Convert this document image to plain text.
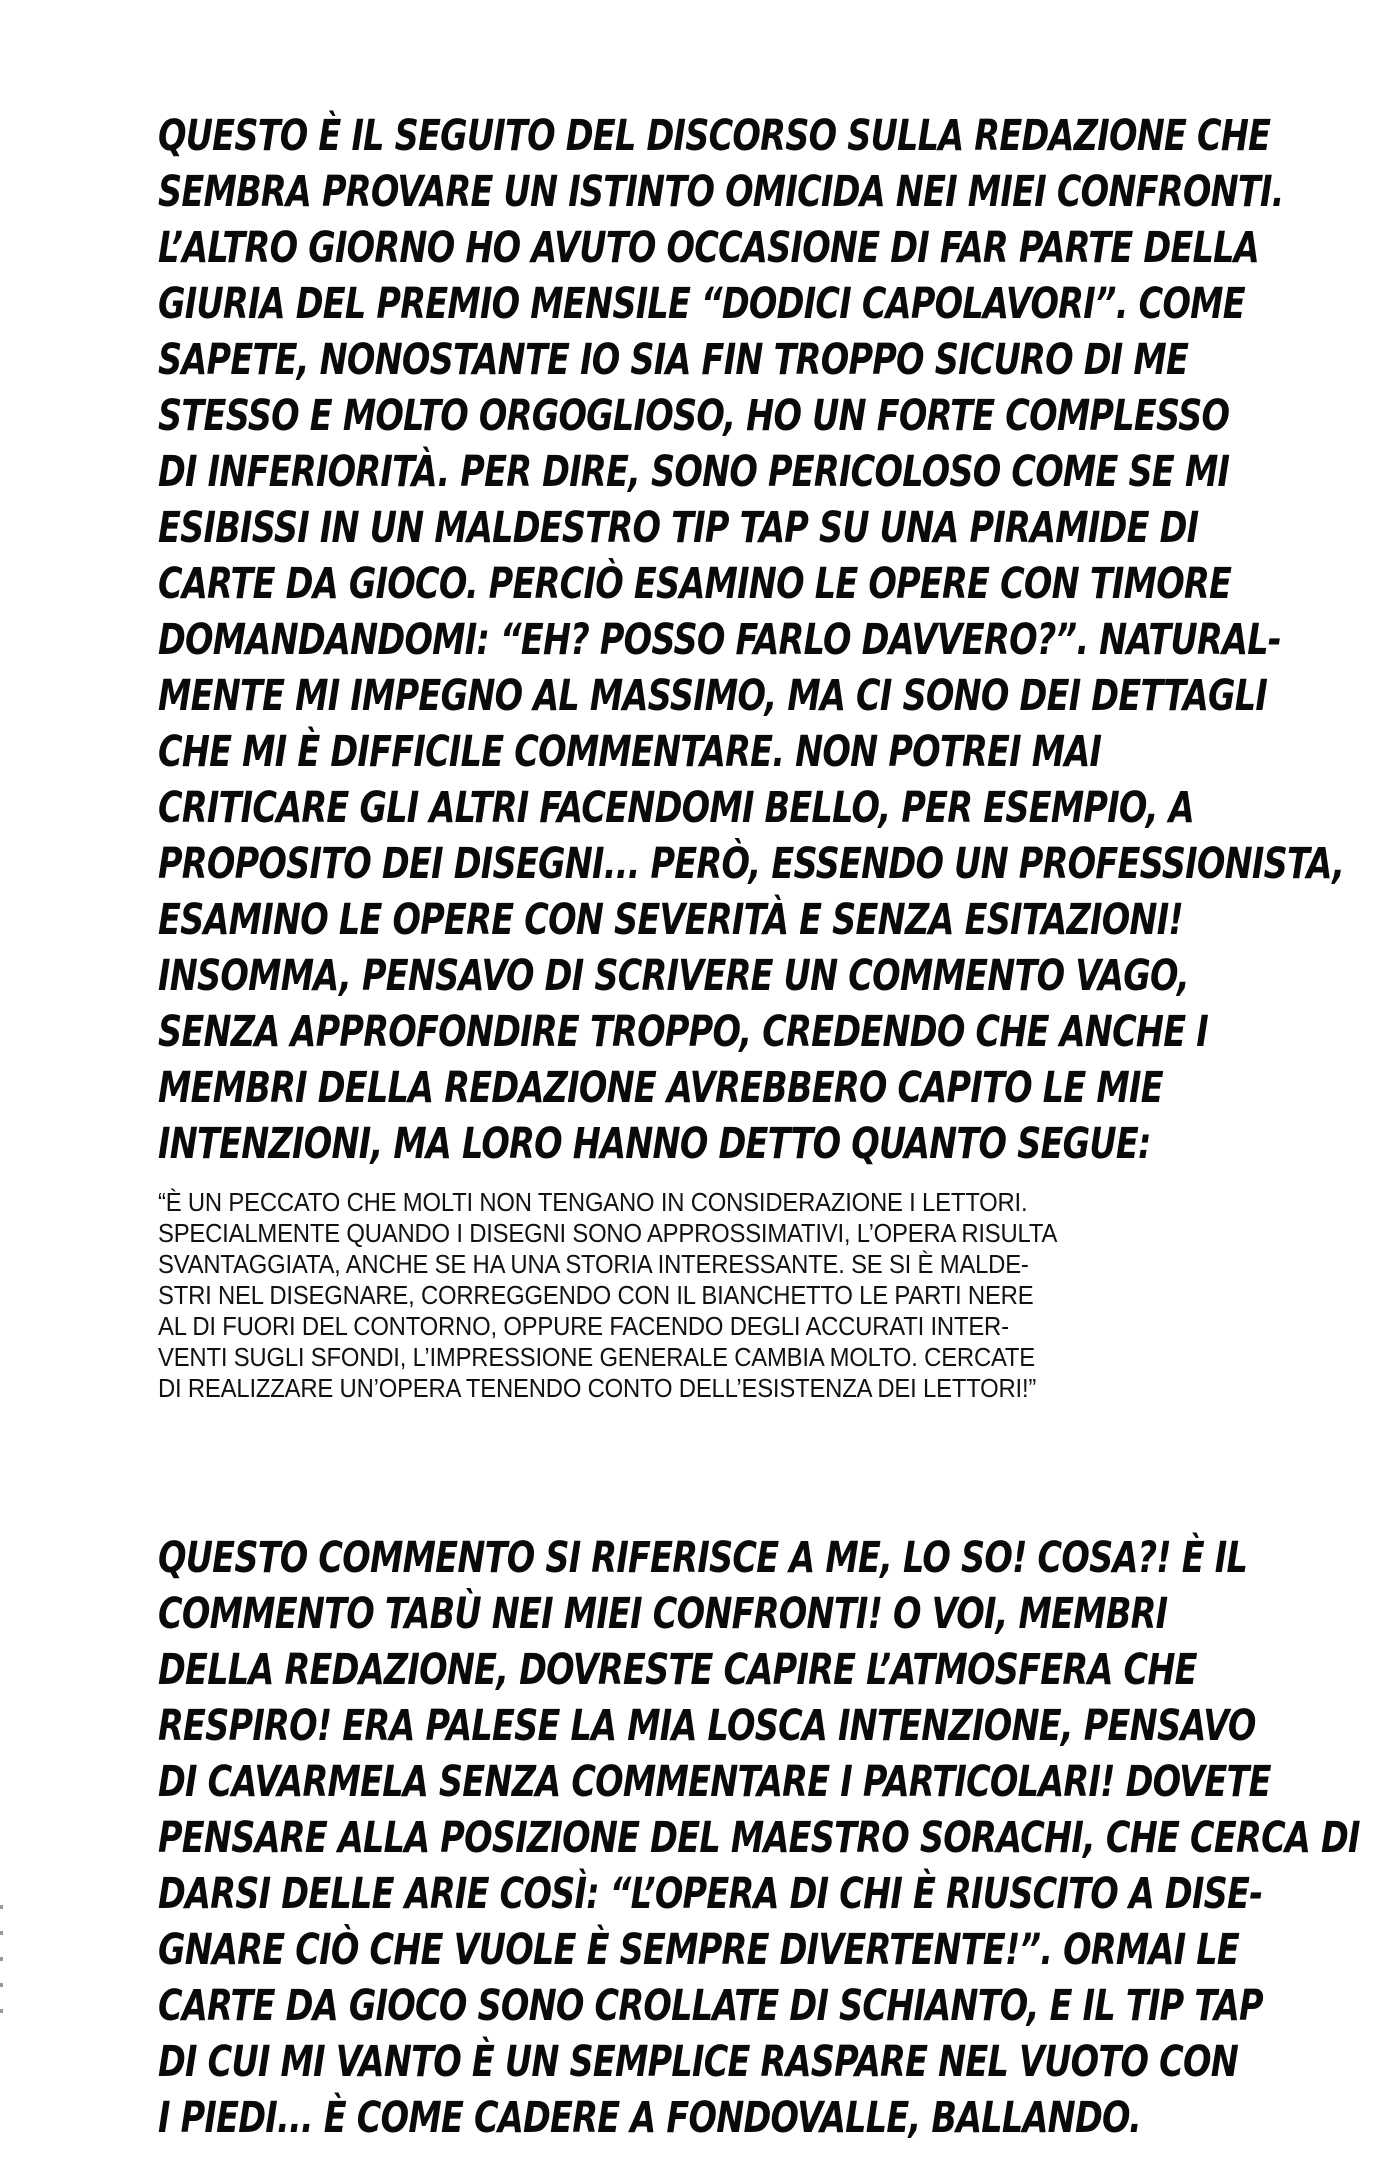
QUESTO È IL SEGUITO DEL DISCORSO SULLA REDAZIONE CHE
SEMBRA PROVARE UN ISTINTO OMICIDA NEI MIEI CONFRONTI.
L’ALTRO GIORNO HO AVUTO OCCASIONE DI FAR PARTE DELLA
GIURIA DEL PREMIO MENSILE “DODICI CAPOLAVORI”. COME
SAPETE, NONOSTANTE IO SIA FIN TROPPO SICURO DI ME
STESSO E MOLTO ORGOGLIOSO, HO UN FORTE COMPLESSO
DI INFERIORITÀ. PER DIRE, SONO PERICOLOSO COME SE MI
ESIBISSI IN UN MALDESTRO TIP TAP SU UNA PIRAMIDE DI
CARTE DA GIOCO. PERCIÒ ESAMINO LE OPERE CON TIMORE
DOMANDANDOMI: “EH? POSSO FARLO DAVVERO?”. NATURAL-
MENTE MI IMPEGNO AL MASSIMO, MA CI SONO DEI DETTAGLI
CHE MI È DIFFICILE COMMENTARE. NON POTREI MAI
CRITICARE GLI ALTRI FACENDOMI BELLO, PER ESEMPIO, A
PROPOSITO DEI DISEGNI... PERÒ, ESSENDO UN PROFESSIONISTA,
ESAMINO LE OPERE CON SEVERITÀ E SENZA ESITAZIONI!
INSOMMA, PENSAVO DI SCRIVERE UN COMMENTO VAGO,
SENZA APPROFONDIRE TROPPO, CREDENDO CHE ANCHE I
MEMBRI DELLA REDAZIONE AVREBBERO CAPITO LE MIE
INTENZIONI, MA LORO HANNO DETTO QUANTO SEGUE:
“È UN PECCATO CHE MOLTI NON TENGANO IN CONSIDERAZIONE I LETTORI.
SPECIALMENTE QUANDO I DISEGNI SONO APPROSSIMATIVI, L’OPERA RISULTA
SVANTAGGIATA, ANCHE SE HA UNA STORIA INTERESSANTE. SE SI È MALDE-
STRI NEL DISEGNARE, CORREGGENDO CON IL BIANCHETTO LE PARTI NERE
AL DI FUORI DEL CONTORNO, OPPURE FACENDO DEGLI ACCURATI INTER-
VENTI SUGLI SFONDI, L’IMPRESSIONE GENERALE CAMBIA MOLTO. CERCATE
DI REALIZZARE UN’OPERA TENENDO CONTO DELL’ESISTENZA DEI LETTORI!”
QUESTO COMMENTO SI RIFERISCE A ME, LO SO! COSA?! È IL
COMMENTO TABÙ NEI MIEI CONFRONTI! O VOI, MEMBRI
DELLA REDAZIONE, DOVRESTE CAPIRE L’ATMOSFERA CHE
RESPIRO! ERA PALESE LA MIA LOSCA INTENZIONE, PENSAVO
DI CAVARMELA SENZA COMMENTARE I PARTICOLARI! DOVETE
PENSARE ALLA POSIZIONE DEL MAESTRO SORACHI, CHE CERCA DI
DARSI DELLE ARIE COSÌ: “L’OPERA DI CHI È RIUSCITO A DISE-
GNARE CIÒ CHE VUOLE È SEMPRE DIVERTENTE!”. ORMAI LE
CARTE DA GIOCO SONO CROLLATE DI SCHIANTO, E IL TIP TAP
DI CUI MI VANTO È UN SEMPLICE RASPARE NEL VUOTO CON
I PIEDI... È COME CADERE A FONDOVALLE, BALLANDO.
